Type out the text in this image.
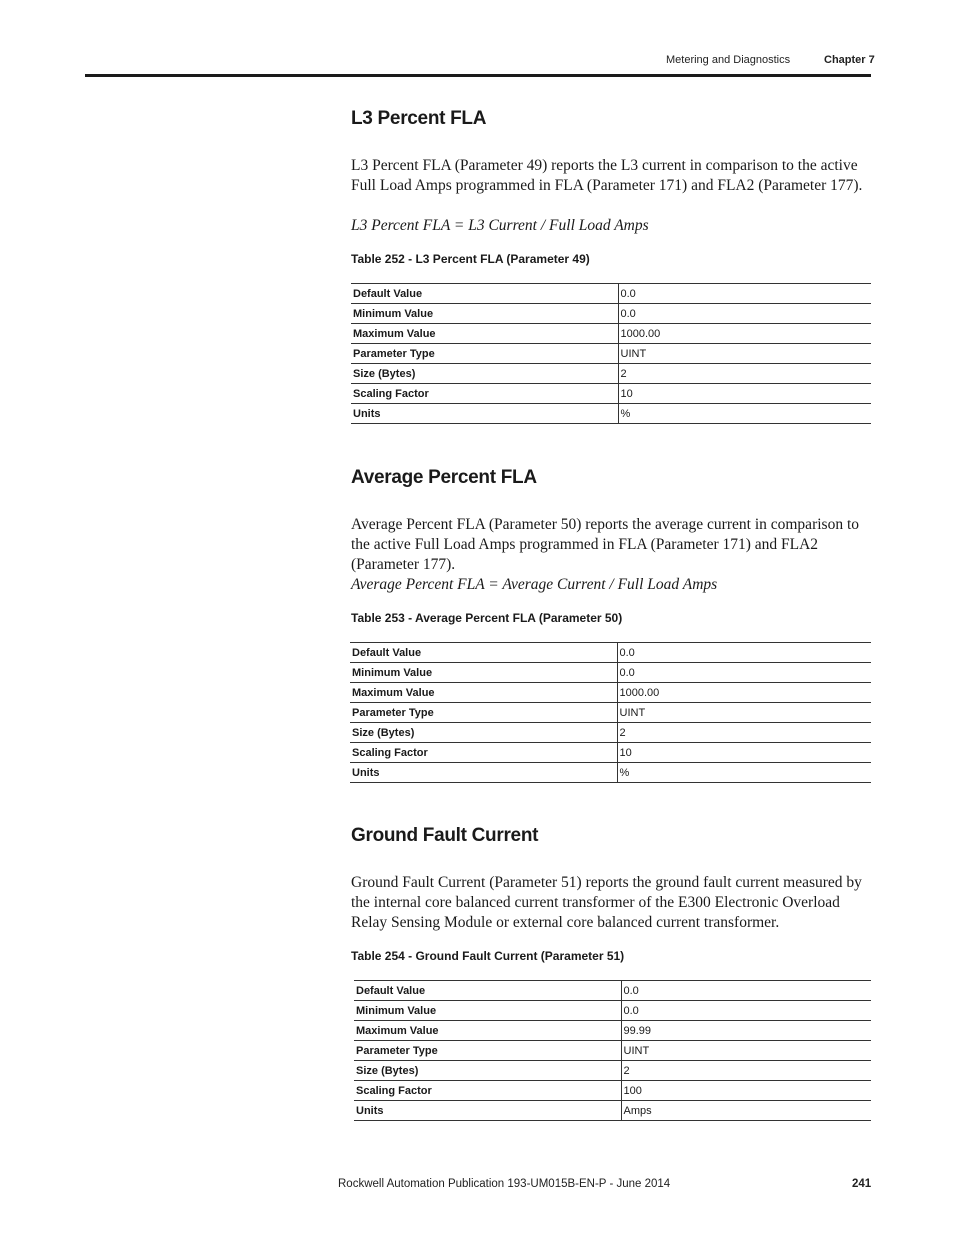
Metering and Diagnostics	Chapter 7
L3 Percent FLA

L3 Percent FLA (Parameter 49) reports the L3 current in comparison to the active Full Load Amps programmed in FLA (Parameter 171) and FLA2 (Parameter 177).

L3 Percent FLA = L3 Current / Full Load Amps

Table 252 - L3 Percent FLA (Parameter 49)
Default Value	0.0
Minimum Value	0.0
Maximum Value	1000.00
Parameter Type	UINT
Size (Bytes)	2
Scaling Factor	10
Units	%
Average Percent FLA

Average Percent FLA (Parameter 50) reports the average current in comparison to the active Full Load Amps programmed in FLA (Parameter 171) and FLA2 (Parameter 177).

Average Percent FLA = Average Current / Full Load Amps

Table 253 - Average Percent FLA (Parameter 50)
Default Value	0.0
Minimum Value	0.0
Maximum Value	1000.00
Parameter Type	UINT
Size (Bytes)	2
Scaling Factor	10
Units	%
Ground Fault Current

Ground Fault Current (Parameter 51) reports the ground fault current measured by the internal core balanced current transformer of the E300 Electronic Overload Relay Sensing Module or external core balanced current transformer.

Table 254 - Ground Fault Current (Parameter 51)
Default Value	0.0
Minimum Value	0.0
Maximum Value	99.99
Parameter Type	UINT
Size (Bytes)	2
Scaling Factor	100
Units	Amps
Rockwell Automation Publication 193-UM015B-EN-P - June 2014	241
